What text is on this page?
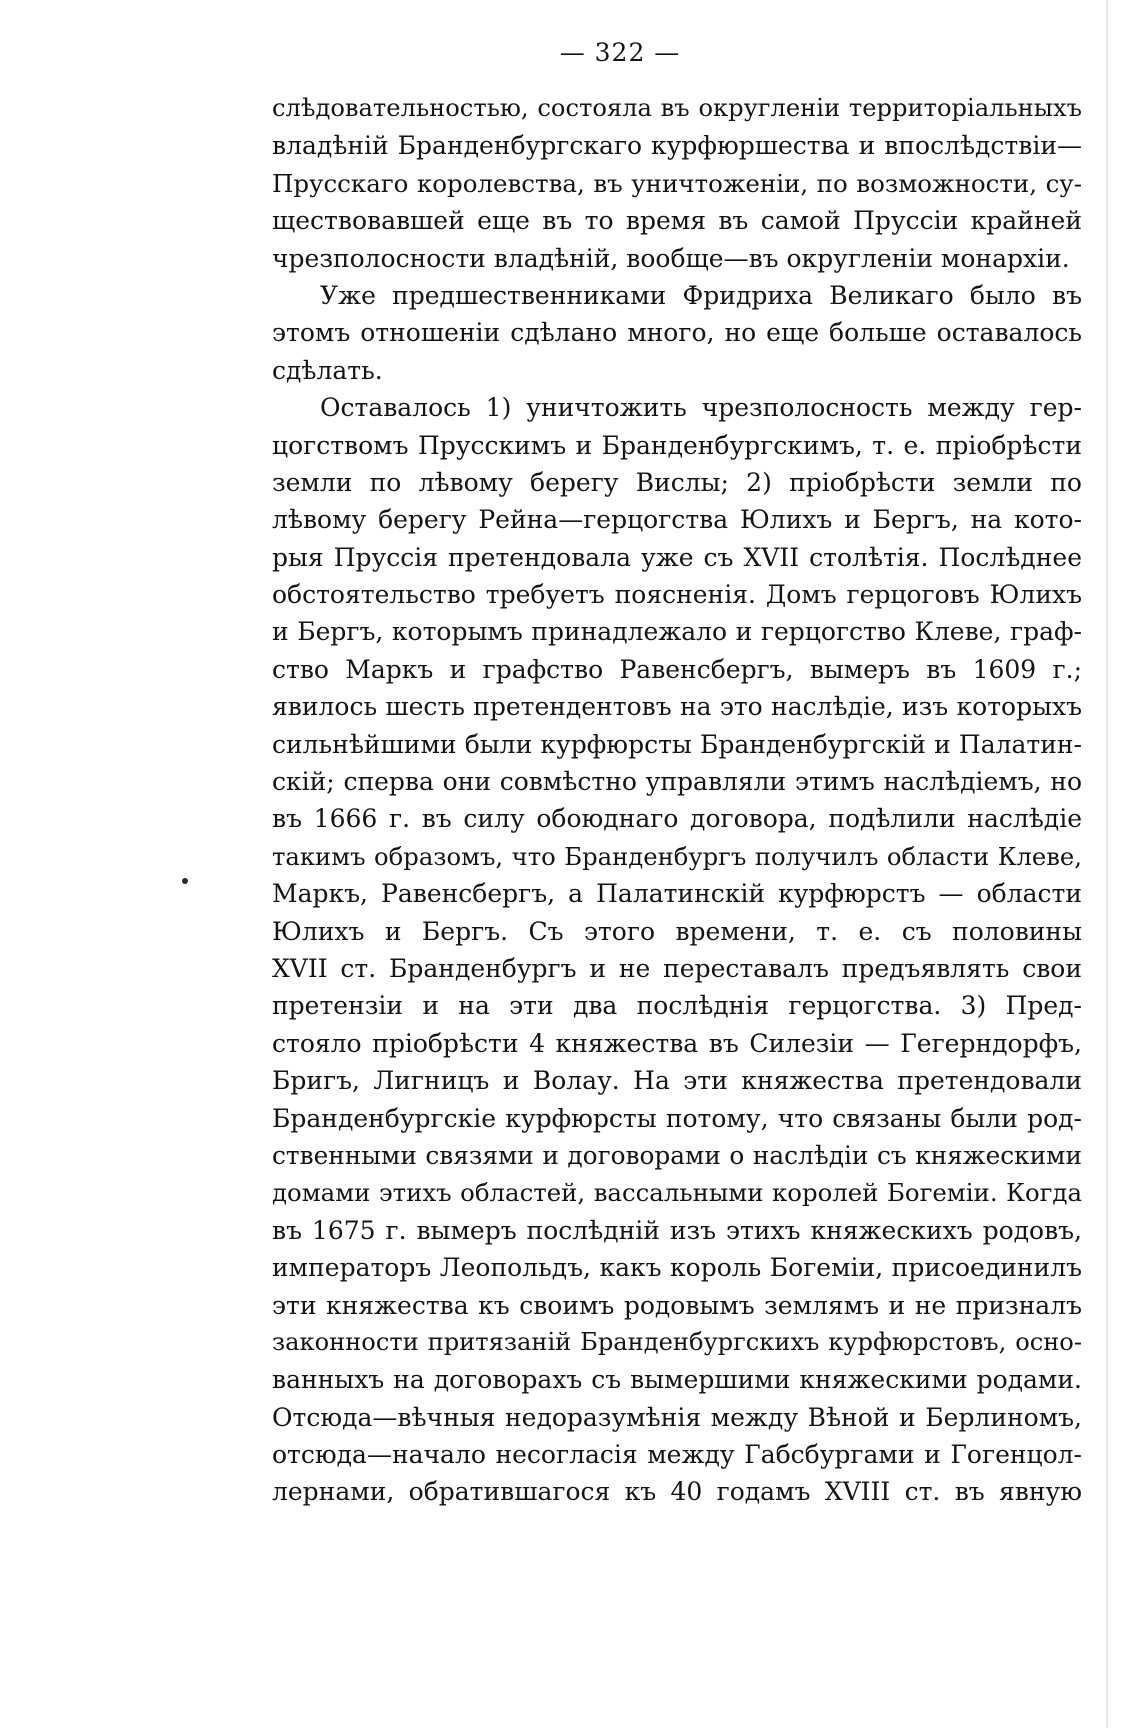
— 322 —
слѣдовательностью, состояла въ округленіи территоріальныхъ
владѣній Бранденбургскаго курфюршества и впослѣдствіи—
Прусскаго королевства, въ уничтоженіи, по возможности, су-
ществовавшей еще въ то время въ самой Пруссіи крайней
чрезполосности владѣній, вообще—въ округленіи монархіи.
Уже предшественниками Фридриха Великаго было въ
этомъ отношеніи сдѣлано много, но еще больше оставалось
сдѣлать.
Оставалось 1) уничтожить чрезполосность между гер-
цогствомъ Прусскимъ и Бранденбургскимъ, т. е. пріобрѣсти
земли по лѣвому берегу Вислы; 2) пріобрѣсти земли по
лѣвому берегу Рейна—герцогства Юлихъ и Бергъ, на кото-
рыя Пруссія претендовала уже съ XVII столѣтія. Послѣднее
обстоятельство требуетъ поясненія. Домъ герцоговъ Юлихъ
и Бергъ, которымъ принадлежало и герцогство Клеве, граф-
ство Маркъ и графство Равенсбергъ, вымеръ въ 1609 г.;
явилось шесть претендентовъ на это наслѣдіе, изъ которыхъ
сильнѣйшими были курфюрсты Бранденбургскій и Палатин-
скій; сперва они совмѣстно управляли этимъ наслѣдіемъ, но
въ 1666 г. въ силу обоюднаго договора, подѣлили наслѣдіе
такимъ образомъ, что Бранденбургъ получилъ области Клеве,
Маркъ, Равенсбергъ, а Палатинскій курфюрстъ — области
Юлихъ и Бергъ. Съ этого времени, т. е. съ половины
XVII ст. Бранденбургъ и не переставалъ предъявлять свои
претензіи и на эти два послѣднія герцогства. 3) Пред-
стояло пріобрѣсти 4 княжества въ Силезіи — Гегерндорфъ,
Бригъ, Лигницъ и Волау. На эти княжества претендовали
Бранденбургскіе курфюрсты потому, что связаны были род-
ственными связями и договорами о наслѣдіи съ княжескими
домами этихъ областей, вассальными королей Богеміи. Когда
въ 1675 г. вымеръ послѣдній изъ этихъ княжескихъ родовъ,
императоръ Леопольдъ, какъ король Богеміи, присоединилъ
эти княжества къ своимъ родовымъ землямъ и не призналъ
законности притязаній Бранденбургскихъ курфюрстовъ, осно-
ванныхъ на договорахъ съ вымершими княжескими родами.
Отсюда—вѣчныя недоразумѣнія между Вѣной и Берлиномъ,
отсюда—начало несогласія между Габсбургами и Гогенцол-
лернами, обратившагося къ 40 годамъ XVIII ст. въ явную
